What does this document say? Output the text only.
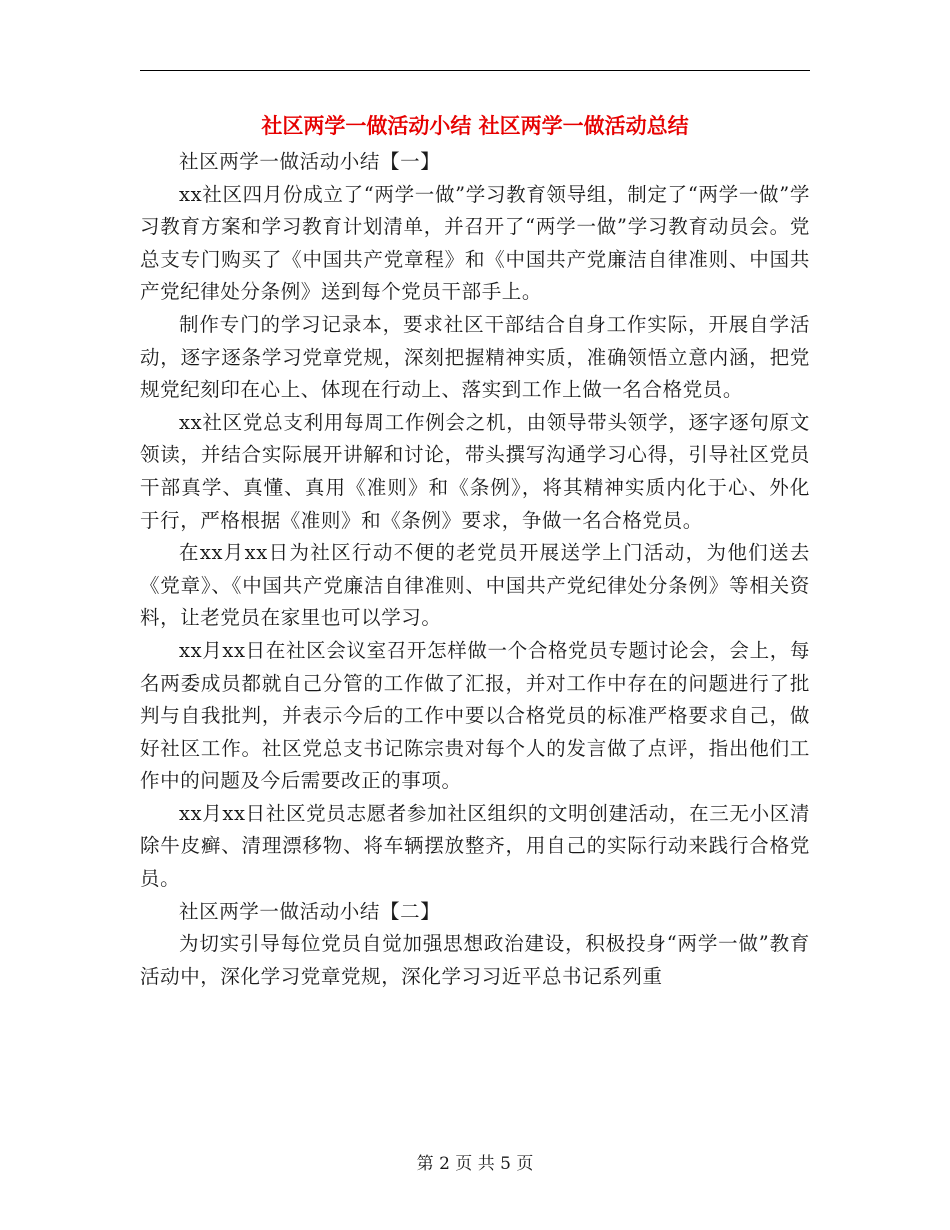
社区两学一做活动小结 社区两学一做活动总结

社区两学一做活动小结【一】

xx社区四月份成立了“两学一做”学习教育领导组，制定了“两学一做”学习教育方案和学习教育计划清单，并召开了“两学一做”学习教育动员会。党总支专门购买了《中国共产党章程》和《中国共产党廉洁自律准则、中国共产党纪律处分条例》送到每个党员干部手上。

制作专门的学习记录本，要求社区干部结合自身工作实际，开展自学活动，逐字逐条学习党章党规，深刻把握精神实质，准确领悟立意内涵，把党规党纪刻印在心上、体现在行动上、落实到工作上做一名合格党员。

xx社区党总支利用每周工作例会之机，由领导带头领学，逐字逐句原文领读，并结合实际展开讲解和讨论，带头撰写沟通学习心得，引导社区党员干部真学、真懂、真用《准则》和《条例》，将其精神实质内化于心、外化于行，严格根据《准则》和《条例》要求，争做一名合格党员。

在xx月xx日为社区行动不便的老党员开展送学上门活动，为他们送去《党章》、《中国共产党廉洁自律准则、中国共产党纪律处分条例》等相关资料，让老党员在家里也可以学习。

xx月xx日在社区会议室召开怎样做一个合格党员专题讨论会，会上，每名两委成员都就自己分管的工作做了汇报，并对工作中存在的问题进行了批判与自我批判，并表示今后的工作中要以合格党员的标准严格要求自己，做好社区工作。社区党总支书记陈宗贵对每个人的发言做了点评，指出他们工作中的问题及今后需要改正的事项。

xx月xx日社区党员志愿者参加社区组织的文明创建活动，在三无小区清除牛皮癣、清理漂移物、将车辆摆放整齐，用自己的实际行动来践行合格党员。

社区两学一做活动小结【二】

为切实引导每位党员自觉加强思想政治建设，积极投身“两学一做”教育活动中，深化学习党章党规，深化学习习近平总书记系列重

第 2 页 共 5 页
